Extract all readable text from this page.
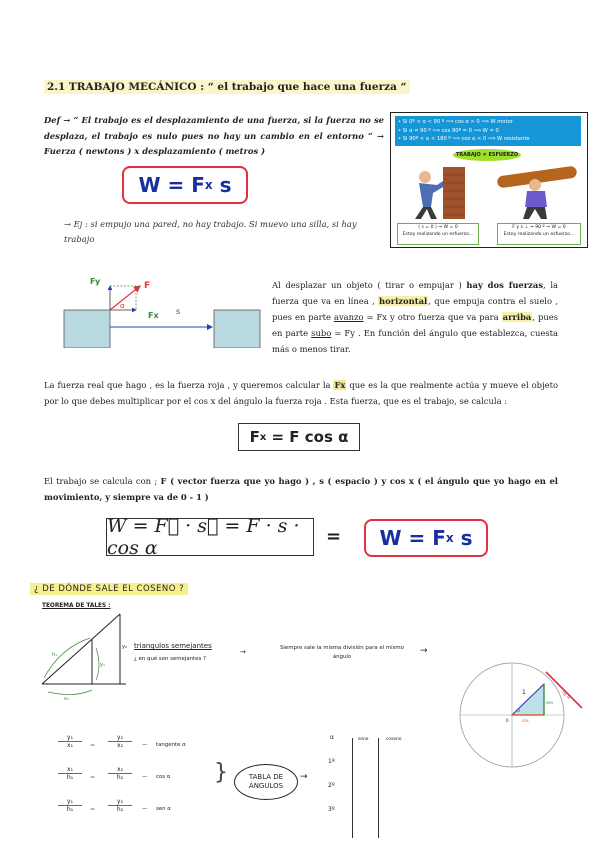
2.1 TRABAJO MECÁNICO : “ el trabajo que hace una fuerza “
Def → “ El trabajo es el desplazamiento de una fuerza, si la fuerza no se desplaza, el trabajo es nulo pues no hay un cambio en el entorno “ → Fuerza ( newtons ) x desplazamiento ( metros )
W
=
F x
s
→ Ej : si empujo una pared, no hay trabajo. Si muevo una silla, si hay trabajo
• Si 0º < α < 90 º ⟹ cos α > 0 ⟹ W motor
• Si α = 90 º ⟹ cos 90º = 0 ⟹ W = 0
• Si 90º < α < 180 º ⟹ cos α < 0 ⟹ W resistente
TRABAJO ≠ ESFUERZO
( s = 0 ) ⇒ W = 0
Estoy realizando un esfuerzo...
F y s ⊥ ⇒ 90 º ⇒ W = 0
Estoy realizando un esfuerzo...
Fy	F
α
Fx s
Al desplazar un objeto ( tirar o empujar ) hay dos fuerzas, la fuerza que va en línea , horizontal, que empuja contra el suelo , pues en parte avanzo = Fx y otro fuerza que va para arriba, pues en parte subo = Fy . En función del ángulo que establezca, cuesta más o menos tirar.
La fuerza real que hago , es la fuerza roja , y queremos calcular la Fx que es la que realmente actúa y mueve el objeto por lo que debes multiplicar por el cos x del ángulo la fuerza roja . Esta fuerza, que es el trabajo, se calcula :
F x
= F cos α
El trabajo se calcula con ; F ( vector fuerza que yo hago ) , s ( espacio ) y cos x ( el ángulo que yo hago en el movimiento, y siempre va de 0 - 1 )
W = F⃗ · s⃗ = F · s · cos α
= W
=
F x
s
¿ DE DÓNDE SALE EL COSENO ?
TEOREMA DE TALES :
h₁
x₁
y₁
y₂ triangulos semejantes
¿ en qué son semejantes ?
→	Siempre sale la misma división para el mismo ángulo
→
1
α
tg α
sen
cos
0
$\frac{\text{y₁}}{\text{x₁}} = \frac{\text{y₂}}{\text{x₂}}$ — tangente α
$\frac{\text{x₁}}{\text{h₁}} = \frac{\text{x₂}}{\text{h₂}}$ — cos α
$\frac{\text{y₁}}{\text{h₁}} = \frac{\text{y₂}}{\text{h₂}}$ — sen α
}	TABLA DE ÁNGULOS
→
α	seno	coseno
1º
2º
3º
